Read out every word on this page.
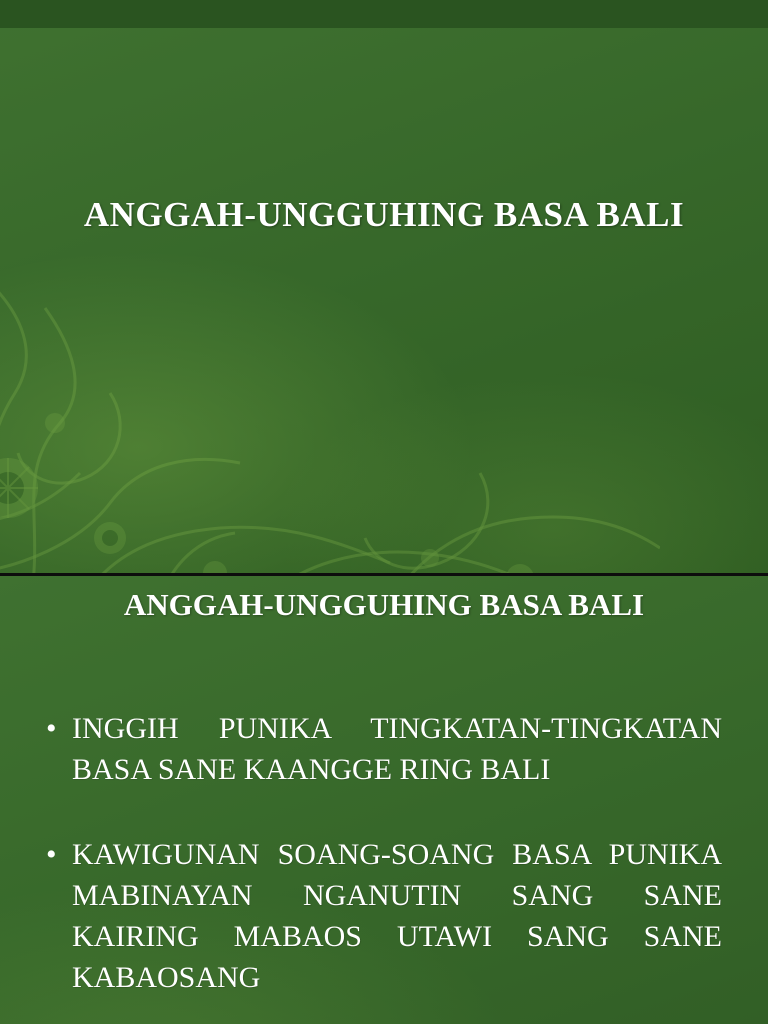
ANGGAH-UNGGUHING BASA BALI
ANGGAH-UNGGUHING BASA BALI
• INGGIH PUNIKA TINGKATAN-TINGKATAN BASA SANE KAANGGE RING BALI
• KAWIGUNAN SOANG-SOANG BASA PUNIKA MABINAYAN NGANUTIN SANG SANE KAIRING MABAOS UTAWI SANG SANE KABAOSANG
